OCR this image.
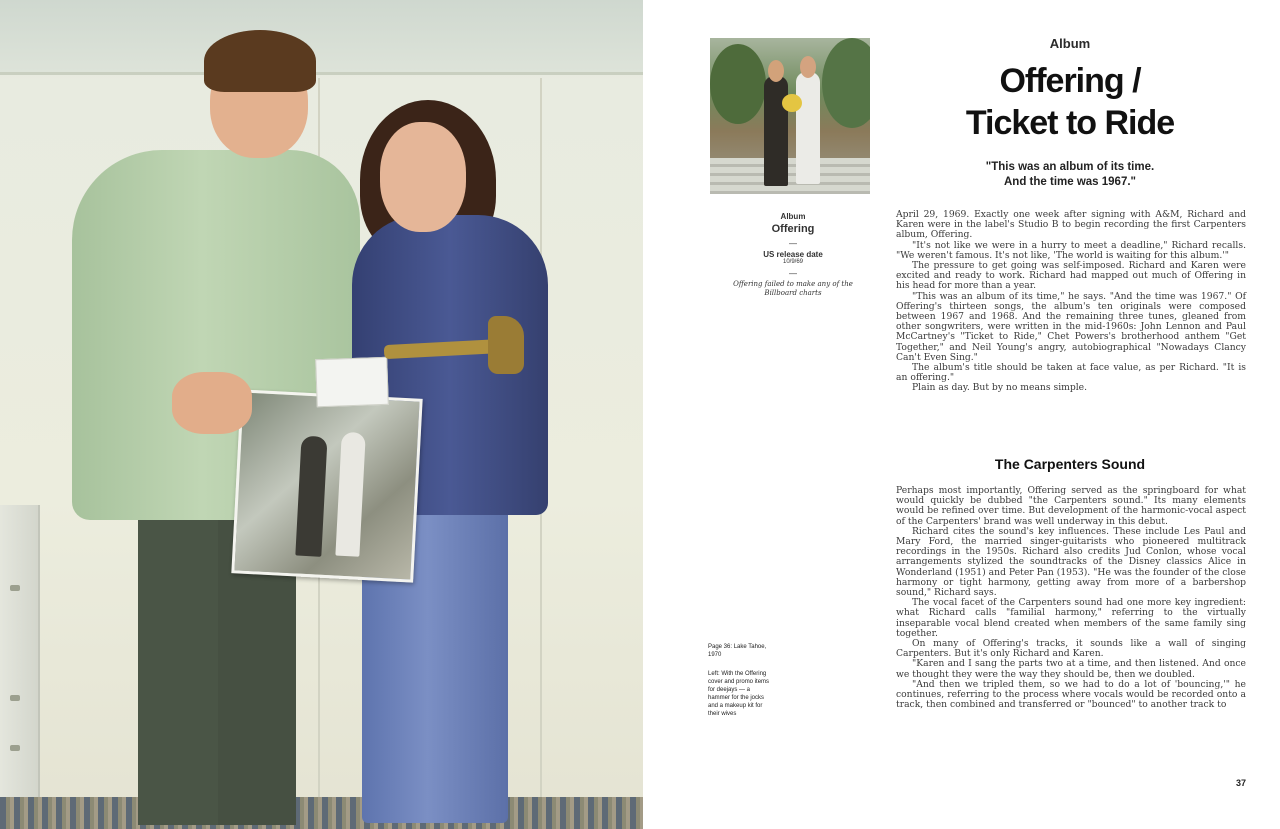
Album
Offering /
Ticket to Ride
"This was an album of its time.
And the time was 1967."
Album
Offering
—
US release date
10/9/69
—
Offering failed to make any of the Billboard charts

April 29, 1969. Exactly one week after signing with A&M, Richard and Karen were in the label's Studio B to begin recording the first Carpenters album, Offering.

"It's not like we were in a hurry to meet a deadline," Richard recalls. "We weren't famous. It's not like, 'The world is waiting for this album.'"

The pressure to get going was self-imposed. Richard and Karen were excited and ready to work. Richard had mapped out much of Offering in his head for more than a year.

"This was an album of its time," he says. "And the time was 1967." Of Offering's thirteen songs, the album's ten originals were composed between 1967 and 1968. And the remaining three tunes, gleaned from other songwriters, were written in the mid-1960s: John Lennon and Paul McCartney's "Ticket to Ride," Chet Powers's brotherhood anthem "Get Together," and Neil Young's angry, autobiographical "Nowadays Clancy Can't Even Sing."

The album's title should be taken at face value, as per Richard. "It is an offering."

Plain as day. But by no means simple.

The Carpenters Sound

Perhaps most importantly, Offering served as the springboard for what would quickly be dubbed "the Carpenters sound." Its many elements would be refined over time. But development of the harmonic-vocal aspect of the Carpenters' brand was well underway in this debut.

Richard cites the sound's key influences. These include Les Paul and Mary Ford, the married singer-guitarists who pioneered multitrack recordings in the 1950s. Richard also credits Jud Conlon, whose vocal arrangements stylized the soundtracks of the Disney classics Alice in Wonderland (1951) and Peter Pan (1953). "He was the founder of the close harmony or tight harmony, getting away from more of a barbershop sound," Richard says.

The vocal facet of the Carpenters sound had one more key ingredient: what Richard calls "familial harmony," referring to the virtually inseparable vocal blend created when members of the same family sing together.

On many of Offering's tracks, it sounds like a wall of singing Carpenters. But it's only Richard and Karen.

"Karen and I sang the parts two at a time, and then listened. And once we thought they were the way they should be, then we doubled.

"And then we tripled them, so we had to do a lot of 'bouncing,'" he continues, referring to the process where vocals would be recorded onto a track, then combined and transferred or "bounced" to another track to

Page 36: Lake Tahoe, 1970
Left: With the Offering cover and promo items for deejays — a hammer for the jocks and a makeup kit for their wives
37
